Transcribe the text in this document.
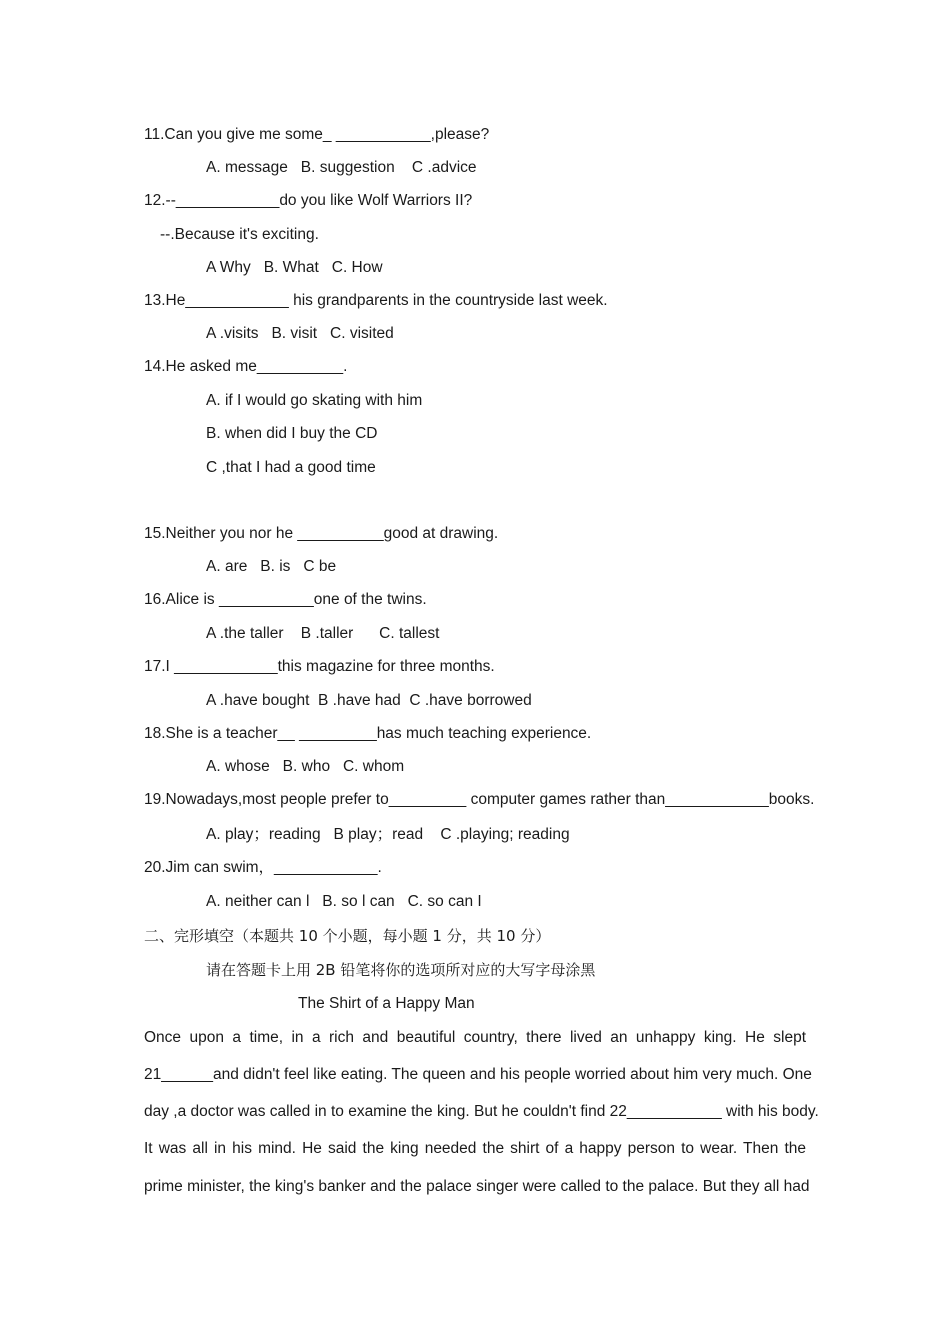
11.Can you give me some_ ___________,please?
A. message   B. suggestion    C .advice
12.--____________do you like Wolf Warriors II?
--.Because it's exciting.
A Why   B. What   C. How
13.He____________ his grandparents in the countryside last week.
A .visits   B. visit   C. visited
14.He asked me__________.
A. if I would go skating with him
B. when did I buy the CD
C ,that I had a good time
15.Neither you nor he __________good at drawing.
A. are   B. is   C be
16.Alice is ___________one of the twins.
A .the taller    B .taller      C. tallest
17.I ____________this magazine for three months.
A .have bought  B .have had  C .have borrowed
18.She is a teacher__ _________has much teaching experience.
A. whose   B. who   C. whom
19.Nowadays,most people prefer to_________ computer games rather than____________books.
A. play；reading   B play；read    C .playing; reading
20.Jim can swim，____________.
A. neither can l   B. so l can   C. so can I
二、完形填空（本题共 10 个小题，每小题 1 分，共 10 分）
请在答题卡上用 2B 铅笔将你的选项所对应的大写字母涂黑
The Shirt of a Happy Man
Once upon a time, in a rich and beautiful country, there lived an unhappy king. He slept
21______and didn't feel like eating. The queen and his people worried about him very much. One
day ,a doctor was called in to examine the king. But he couldn't find 22___________ with his body.
It was all in his mind. He said the king needed the shirt of a happy person to wear. Then the
prime minister, the king's banker and the palace singer were called to the palace. But they all had
